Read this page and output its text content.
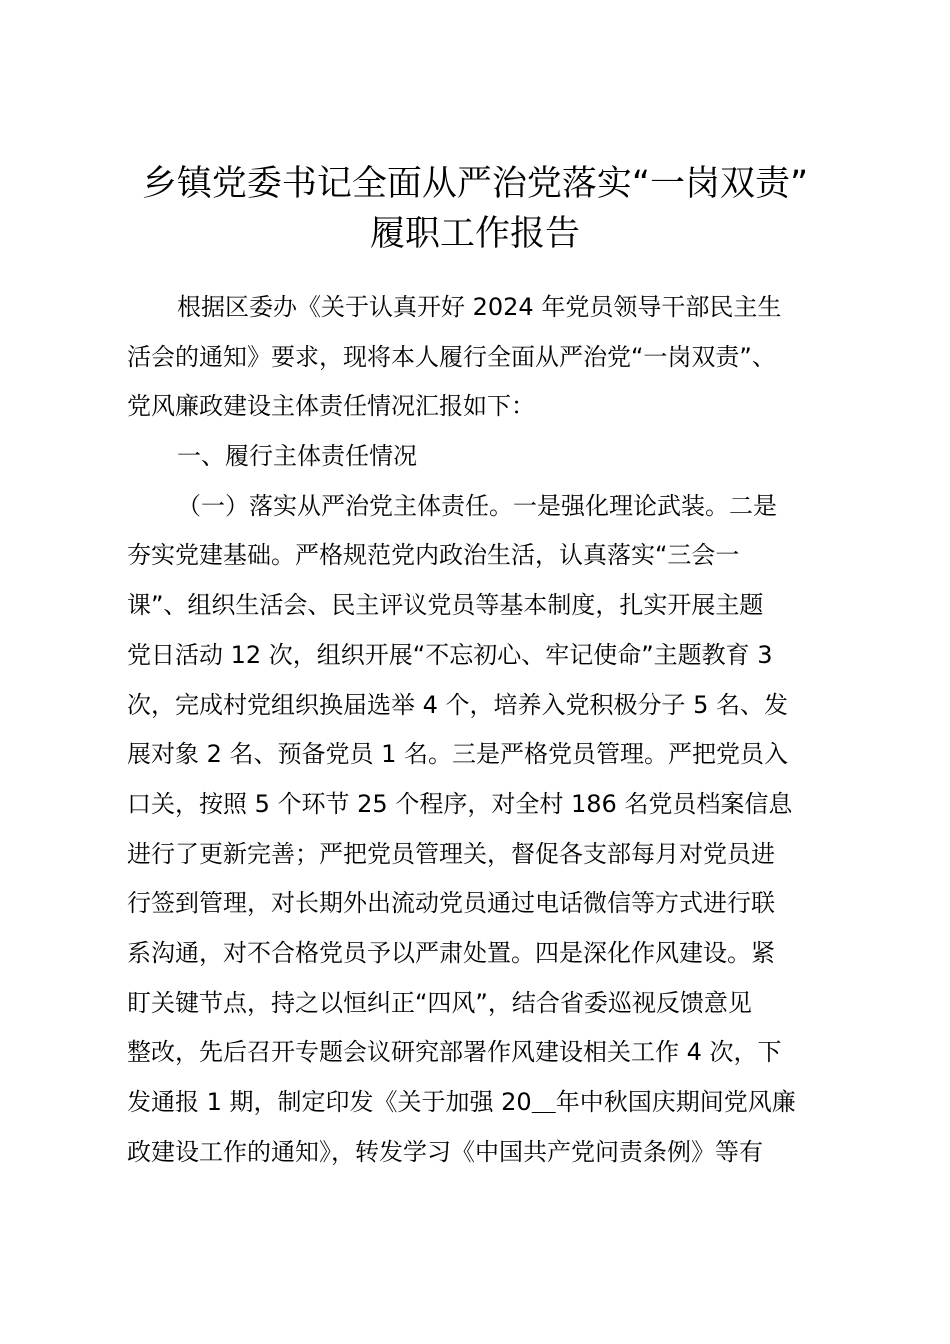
乡镇党委书记全面从严治党落实“一岗双责”
履职工作报告
根据区委办《关于认真开好 2024 年党员领导干部民主生
活会的通知》要求，现将本人履行全面从严治党“一岗双责”、
党风廉政建设主体责任情况汇报如下：
一、履行主体责任情况
（一）落实从严治党主体责任。一是强化理论武装。二是
夯实党建基础。严格规范党内政治生活，认真落实“三会一
课”、组织生活会、民主评议党员等基本制度，扎实开展主题
党日活动 12 次，组织开展“不忘初心、牢记使命”主题教育 3
次，完成村党组织换届选举 4 个，培养入党积极分子 5 名、发
展对象 2 名、预备党员 1 名。三是严格党员管理。严把党员入
口关，按照 5 个环节 25 个程序，对全村 186 名党员档案信息
进行了更新完善；严把党员管理关，督促各支部每月对党员进
行签到管理，对长期外出流动党员通过电话微信等方式进行联
系沟通，对不合格党员予以严肃处置。四是深化作风建设。紧
盯关键节点，持之以恒纠正“四风”，结合省委巡视反馈意见
整改，先后召开专题会议研究部署作风建设相关工作 4 次，下
发通报 1 期，制定印发《关于加强 20＿年中秋国庆期间党风廉
政建设工作的通知》，转发学习《中国共产党问责条例》等有
